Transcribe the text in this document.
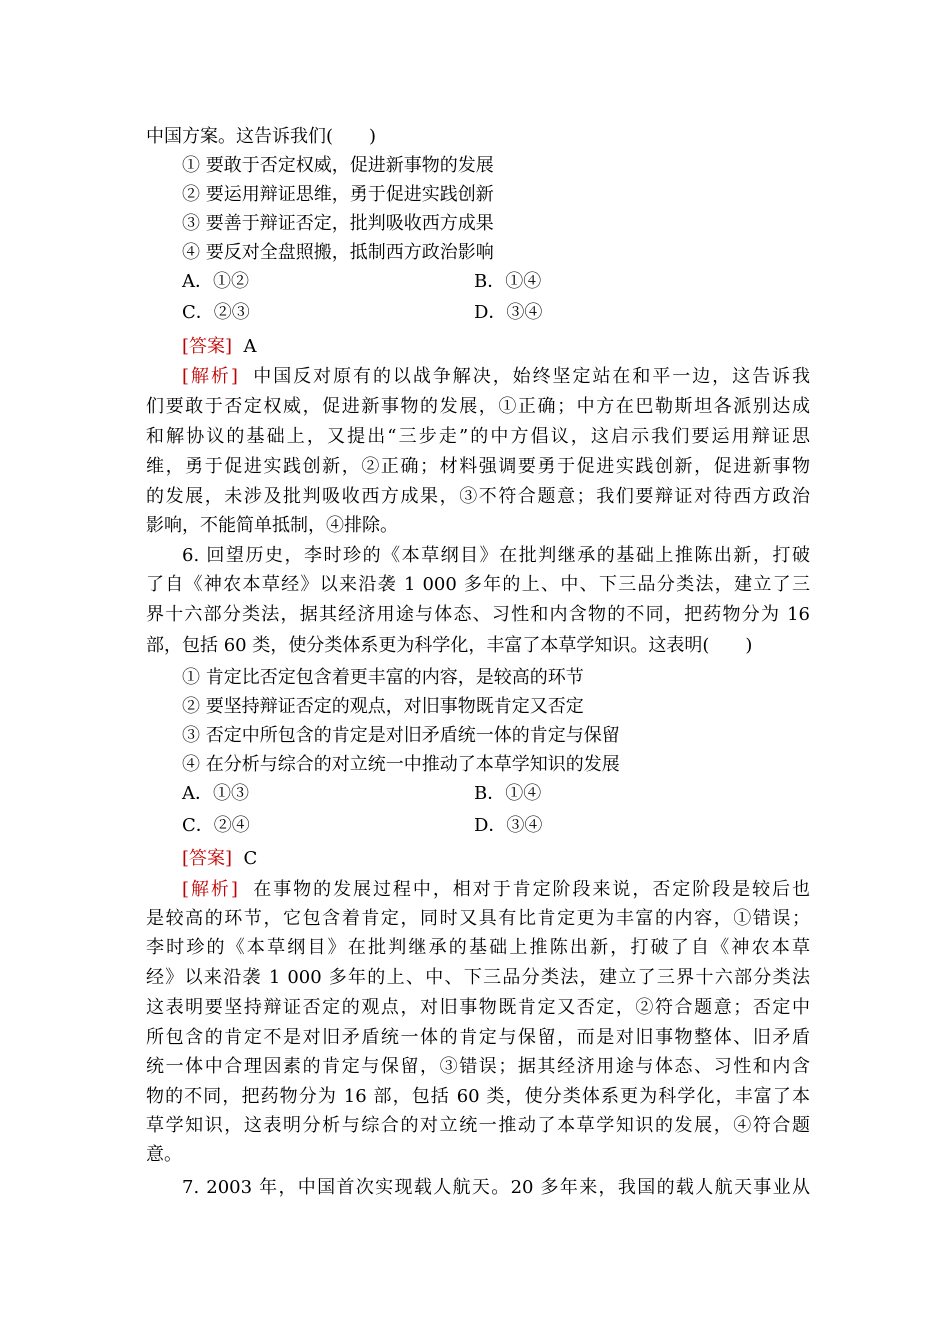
中国方案。这告诉我们(　　)
① 要敢于否定权威，促进新事物的发展
② 要运用辩证思维，勇于促进实践创新
③ 要善于辩证否定，批判吸收西方成果
④ 要反对全盘照搬，抵制西方政治影响
A．①②	B．①④
C．②③	D．③④
[答案] A
[解析] 中国反对原有的以战争解决，始终坚定站在和平一边，这告诉我
们要敢于否定权威，促进新事物的发展，①正确；中方在巴勒斯坦各派别达成
和解协议的基础上，又提出“三步走”的中方倡议，这启示我们要运用辩证思
维，勇于促进实践创新，②正确；材料强调要勇于促进实践创新，促进新事物
的发展，未涉及批判吸收西方成果，③不符合题意；我们要辩证对待西方政治
影响，不能简单抵制，④排除。
6. 回望历史，李时珍的《本草纲目》在批判继承的基础上推陈出新，打破
了自《神农本草经》以来沿袭 1 000 多年的上、中、下三品分类法，建立了三
界十六部分类法，据其经济用途与体态、习性和内含物的不同，把药物分为 16
部，包括 60 类，使分类体系更为科学化，丰富了本草学知识。这表明(　　)
① 肯定比否定包含着更丰富的内容，是较高的环节
② 要坚持辩证否定的观点，对旧事物既肯定又否定
③ 否定中所包含的肯定是对旧矛盾统一体的肯定与保留
④ 在分析与综合的对立统一中推动了本草学知识的发展
A．①③	B．①④
C．②④	D．③④
[答案] C
[解析] 在事物的发展过程中，相对于肯定阶段来说，否定阶段是较后也
是较高的环节，它包含着肯定，同时又具有比肯定更为丰富的内容，①错误；
李时珍的《本草纲目》在批判继承的基础上推陈出新，打破了自《神农本草
经》以来沿袭 1 000 多年的上、中、下三品分类法，建立了三界十六部分类法
这表明要坚持辩证否定的观点，对旧事物既肯定又否定，②符合题意；否定中
所包含的肯定不是对旧矛盾统一体的肯定与保留，而是对旧事物整体、旧矛盾
统一体中合理因素的肯定与保留，③错误；据其经济用途与体态、习性和内含
物的不同，把药物分为 16 部，包括 60 类，使分类体系更为科学化，丰富了本
草学知识，这表明分析与综合的对立统一推动了本草学知识的发展，④符合题
意。
7. 2003 年，中国首次实现载人航天。20 多年来，我国的载人航天事业从
